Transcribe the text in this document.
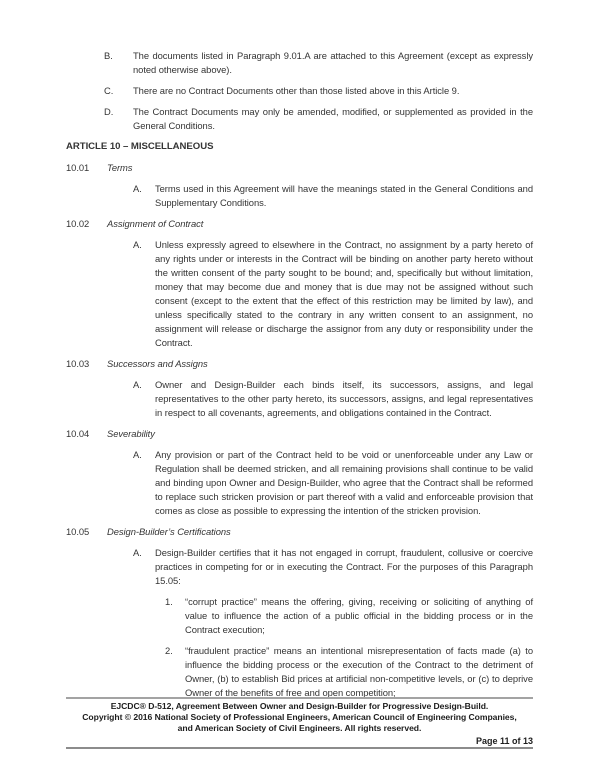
B.	The documents listed in Paragraph 9.01.A are attached to this Agreement (except as expressly noted otherwise above).
C.	There are no Contract Documents other than those listed above in this Article 9.
D.	The Contract Documents may only be amended, modified, or supplemented as provided in the General Conditions.
ARTICLE 10 – MISCELLANEOUS
10.01	Terms
A.	Terms used in this Agreement will have the meanings stated in the General Conditions and Supplementary Conditions.
10.02	Assignment of Contract
A.	Unless expressly agreed to elsewhere in the Contract, no assignment by a party hereto of any rights under or interests in the Contract will be binding on another party hereto without the written consent of the party sought to be bound; and, specifically but without limitation, money that may become due and money that is due may not be assigned without such consent (except to the extent that the effect of this restriction may be limited by law), and unless specifically stated to the contrary in any written consent to an assignment, no assignment will release or discharge the assignor from any duty or responsibility under the Contract.
10.03	Successors and Assigns
A.	Owner and Design-Builder each binds itself, its successors, assigns, and legal representatives to the other party hereto, its successors, assigns, and legal representatives in respect to all covenants, agreements, and obligations contained in the Contract.
10.04	Severability
A.	Any provision or part of the Contract held to be void or unenforceable under any Law or Regulation shall be deemed stricken, and all remaining provisions shall continue to be valid and binding upon Owner and Design-Builder, who agree that the Contract shall be reformed to replace such stricken provision or part thereof with a valid and enforceable provision that comes as close as possible to expressing the intention of the stricken provision.
10.05	Design-Builder’s Certifications
A.	Design-Builder certifies that it has not engaged in corrupt, fraudulent, collusive or coercive practices in competing for or in executing the Contract. For the purposes of this Paragraph 15.05:
1.	“corrupt practice” means the offering, giving, receiving or soliciting of anything of value to influence the action of a public official in the bidding process or in the Contract execution;
2.	“fraudulent practice” means an intentional misrepresentation of facts made (a) to influence the bidding process or the execution of the Contract to the detriment of Owner, (b) to establish Bid prices at artificial non-competitive levels, or (c) to deprive Owner of the benefits of free and open competition;
EJCDC® D-512, Agreement Between Owner and Design-Builder for Progressive Design-Build.
Copyright © 2016 National Society of Professional Engineers, American Council of Engineering Companies,
and American Society of Civil Engineers. All rights reserved.
Page 11 of 13
